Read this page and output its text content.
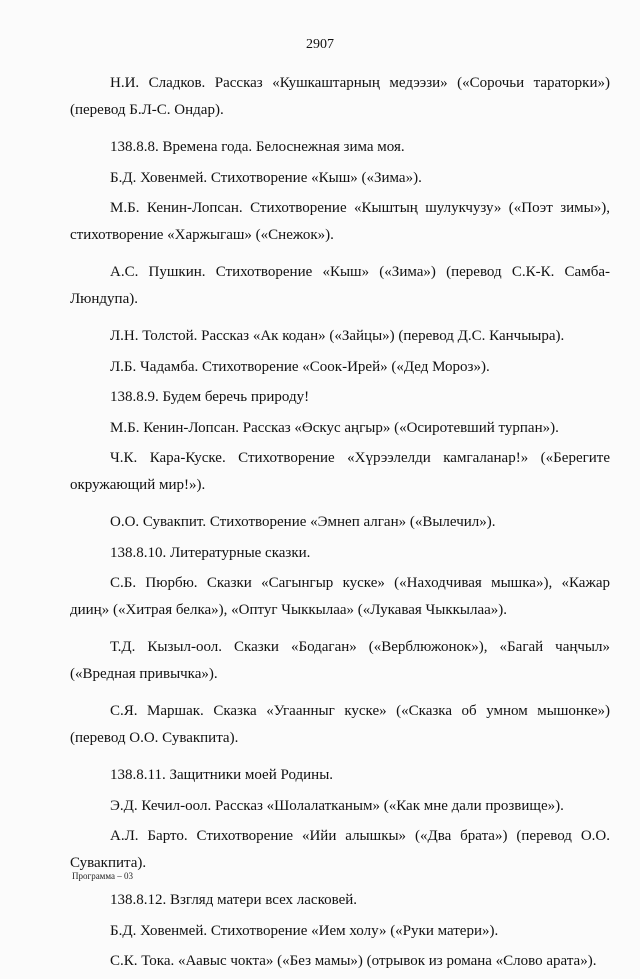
2907

Н.И. Сладков. Рассказ «Кушкаштарның медээзи» («Сорочьи тараторки») (перевод Б.Л-С. Ондар).

138.8.8. Времена года. Белоснежная зима моя.

Б.Д. Ховенмей. Стихотворение «Кыш» («Зима»).

М.Б. Кенин-Лопсан. Стихотворение «Кыштың шулукчузу» («Поэт зимы»), стихотворение «Харжыгаш» («Снежок»).

А.С. Пушкин. Стихотворение «Кыш» («Зима») (перевод С.К-К. Самба-Люндупа).

Л.Н. Толстой. Рассказ «Ак кодан» («Зайцы») (перевод Д.С. Канчыыра).

Л.Б. Чадамба. Стихотворение «Соок-Ирей» («Дед Мороз»).

138.8.9. Будем беречь природу!

М.Б. Кенин-Лопсан. Рассказ «Өскус аңгыр» («Осиротевший турпан»).

Ч.К. Кара-Куске. Стихотворение «Хүрээлелди камгаланар!» («Берегите окружающий мир!»).

О.О. Сувакпит. Стихотворение «Эмнеп алган» («Вылечил»).

138.8.10. Литературные сказки.

С.Б. Пюрбю. Сказки «Сагынгыр куске» («Находчивая мышка»), «Кажар дииң» («Хитрая белка»), «Оптуг Чыккылаа» («Лукавая Чыккылаа»).

Т.Д. Кызыл-оол. Сказки «Бодаган» («Верблюжонок»), «Багай чаңчыл» («Вредная привычка»).

С.Я. Маршак. Сказка «Угаанныг куске» («Сказка об умном мышонке») (перевод О.О. Сувакпита).

138.8.11. Защитники моей Родины.

Э.Д. Кечил-оол. Рассказ «Шолалатканым» («Как мне дали прозвище»).

А.Л. Барто. Стихотворение «Ийи алышкы» («Два брата») (перевод О.О. Сувакпита).

138.8.12. Взгляд матери всех ласковей.

Б.Д. Ховенмей. Стихотворение «Ием холу» («Руки матери»).

С.К. Тока. «Аавыс чокта» («Без мамы») (отрывок из романа «Слово арата»).

Программа – 03
